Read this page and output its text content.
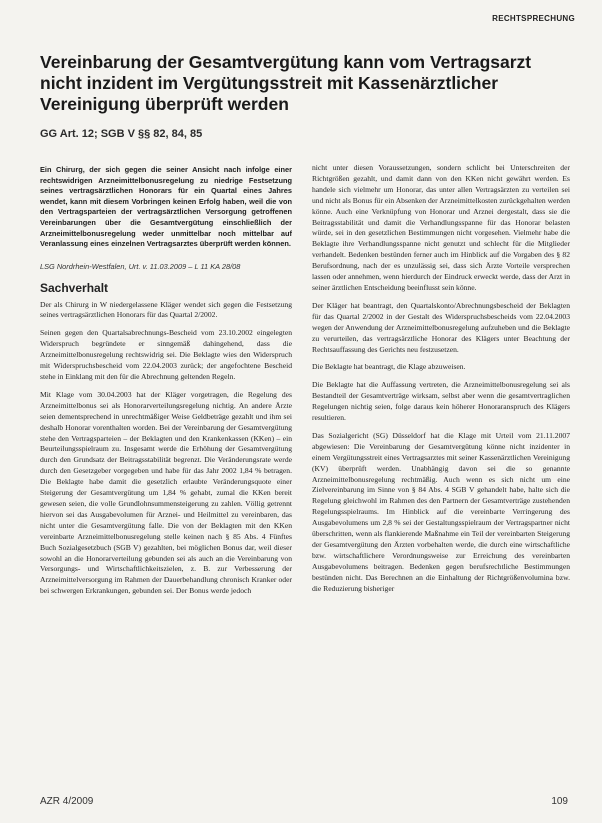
RECHTSPRECHUNG
Vereinbarung der Gesamtvergütung kann vom Vertragsarzt nicht inzident im Vergütungsstreit mit Kassenärztlicher Vereinigung überprüft werden
GG Art. 12; SGB V §§ 82, 84, 85

Ein Chirurg, der sich gegen die seiner Ansicht nach infolge einer rechtswidrigen Arzneimittelbonusregelung zu niedrige Festsetzung seines vertragsärztlichen Honorars für ein Quartal eines Jahres wendet, kann mit diesem Vorbringen keinen Erfolg haben, weil die von den Vertragsparteien der vertragsärztlichen Versorgung getroffenen Vereinbarungen über die Gesamtvergütung einschließlich der Arzneimittelbonusregelung weder unmittelbar noch mittelbar auf Veranlassung eines einzelnen Vertragsarztes überprüft werden können.

LSG Nordrhein-Westfalen, Urt. v. 11.03.2009 – L 11 KA 28/08

Sachverhalt

Der als Chirurg in W niedergelassene Kläger wendet sich gegen die Festsetzung seines vertragsärztlichen Honorars für das Quartal 2/2002.

Seinen gegen den Quartalsabrechnungs-Bescheid vom 23.10.2002 eingelegten Widerspruch begründete er sinngemäß dahingehend, dass die Arzneimittelbonusregelung rechtswidrig sei. Die Beklagte wies den Widerspruch mit Widerspruchsbescheid vom 22.04.2003 zurück; der angefochtene Bescheid stehe in Einklang mit den für die Abrechnung geltenden Regeln.

Mit Klage vom 30.04.2003 hat der Kläger vorgetragen, die Regelung des Arzneimittelbonus sei als Honorarverteilungsregelung nichtig. An andere Ärzte seien dementsprechend in unrechtmäßiger Weise Geldbeträge gezahlt und ihm sei deshalb Honorar vorenthalten worden. Bei der Vereinbarung der Gesamtvergütung stehe den Vertragsparteien – der Beklagten und den Krankenkassen (KKen) – ein Beurteilungsspielraum zu. Insgesamt werde die Erhöhung der Gesamtvergütung durch den Grundsatz der Beitragsstabilität begrenzt. Die Veränderungsrate werde durch den Gesetzgeber vorgegeben und habe für das Jahr 2002 1,84 % betragen. Die Beklagte habe damit die gesetzlich erlaubte Veränderungsquote einer Steigerung der Gesamtvergütung um 1,84 % gehabt, zumal die KKen bereit gewesen seien, die volle Grundlohnsummensteigerung zu zahlen. Völlig getrennt hiervon sei das Ausgabevolumen für Arznei- und Heilmittel zu vereinbaren, das nicht unter die Gesamtvergütung falle. Die von der Beklagten mit den KKen vereinbarte Arzneimittelbonusregelung stelle keinen nach § 85 Abs. 4 Fünftes Buch Sozialgesetzbuch (SGB V) gezahlten, bei möglichen Bonus dar, weil dieser sowohl an die Honorarverteilung gebunden sei als auch an die Vereinbarung von Versorgungs- und Wirtschaftlichkeitszielen, z. B. zur Verbesserung der Arzneimittelversorgung im Rahmen der Dauerbehandlung chronisch Kranker oder bei schwergen Erkrankungen, gebunden sei. Der Bonus werde jedoch

nicht unter diesen Voraussetzungen, sondern schlicht bei Unterschreiten der Richtgrößen gezahlt, und damit dann von den KKen nicht gewährt werden. Es handele sich vielmehr um Honorar, das unter allen Vertragsärzten zu verteilen sei und nicht als Bonus für ein Absenken der Arzneimittelkosten zurückgehalten werden könne. Auch eine Verknüpfung von Honorar und Arznei dergestalt, dass sie die Beitragsstabilität und damit die Verhandlungsspanne für das Honorar belasten würde, sei in den gesetzlichen Bestimmungen nicht vorgesehen. Vielmehr habe die Beklagte ihre Verhandlungsspanne nicht genutzt und schlecht für die Mitglieder verhandelt. Bedenken bestünden ferner auch im Hinblick auf die Vorgaben des § 82 Berufsordnung, nach der es unzulässig sei, dass sich Ärzte Vorteile versprechen lassen oder annehmen, wenn hierdurch der Eindruck erweckt werde, dass der Arzt in seiner ärztlichen Entscheidung beeinflusst sein könne.

Der Kläger hat beantragt, den Quartalskonto/Abrechnungsbescheid der Beklagten für das Quartal 2/2002 in der Gestalt des Widerspruchsbescheids vom 22.04.2003 wegen der Anwendung der Arzneimittelbonusregelung aufzuheben und die Beklagte zu verurteilen, das vertragsärztliche Honorar des Klägers unter Beachtung der Rechtsauffassung des Gerichts neu festzusetzen.

Die Beklagte hat beantragt, die Klage abzuweisen.

Die Beklagte hat die Auffassung vertreten, die Arzneimittelbonusregelung sei als Bestandteil der Gesamtverträge wirksam, selbst aber wenn die gesamtvertraglichen Regelungen nichtig seien, folge daraus kein höherer Honoraranspruch des Klägers resultieren.

Das Sozialgericht (SG) Düsseldorf hat die Klage mit Urteil vom 21.11.2007 abgewiesen: Die Vereinbarung der Gesamtvergütung könne nicht inzidenter in einem Vergütungsstreit eines Vertragsarztes mit seiner Kassenärztlichen Vereinigung (KV) überprüft werden. Unabhängig davon sei die so genannte Arzneimittelbonusregelung rechtmäßig. Auch wenn es sich nicht um eine Zielvereinbarung im Sinne von § 84 Abs. 4 SGB V gehandelt habe, halte sich die Regelung gleichwohl im Rahmen des den Partnern der Gesamtverträge zustehenden Regelungsspielraums. Im Hinblick auf die vereinbarte Verringerung des Ausgabevolumens um 2,8 % sei der Gestaltungsspielraum der Vertragspartner nicht überschritten, wenn als flankierende Maßnahme ein Teil der vereinbarten Steigerung der Gesamtvergütung den Ärzten vorbehalten werde, die durch eine wirtschaftliche bzw. wirtschaftlichere Verordnungsweise zur Erreichung des vereinbarten Ausgabevolumens beitragen. Bedenken gegen berufsrechtliche Bestimmungen bestünden nicht. Das Berechnen an die Einhaltung der Richtgrößenvolumina bzw. die Reduzierung bisheriger

AZR 4/2009	109
